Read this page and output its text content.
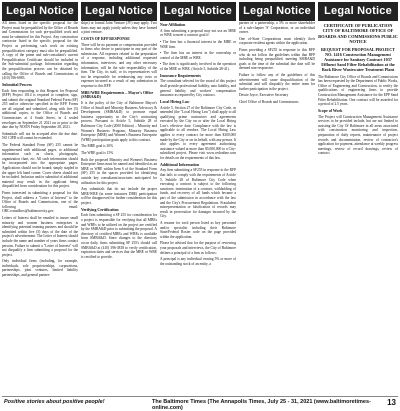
Legal Notice

All items listed in the specific proposal for the Project must be prequalified by the Office of Boards and Commissions for such pre-qualified work and must be submitted for this Project. Any construction contractor listed in the specific proposal for the Project as performing such work an existing prequalification category must also be prequalified. A copy of the prime and sub-consultant's current Prequalification Certificate should be included in the Sub-submittal package. Information regarding the prequalification process can be obtained by calling the Office of Boards and Commissions at (410) 396-6883.

Submittal Process

Each firm responding to this Request for Proposal (RFP) Project 1014 is required to complete, sign, and submit the original Standard Federal Form (SF) 255 and/or otherwise specified in the RFP. Forms are all original and submitted, along with five (5) additional copies, to the Office of Boards and Commissions at 4 South Street, in 4 sealed envelopes on September 21 2021 on or prior to the date due by NOON Friday September 28, 2021.

Submittals will not be accepted after the due date. NO CIPD will cannot be extended.

The Federal Standard Form (SF) 255 cannot be supplemented with additional pages, or additional information such as charts, photographs, organization chart, etc. All such information should be incorporated into the appropriate pages. Applications should not be bound; simply stapled in the upper left hand corner. Cover sheets should not be included. Inclusion and/or submittal of additional material may result in the applicant being disqualified from consideration for this project.

Firms interested in submitting a proposal for this Project, shall address a "Letter of Interest" to the Office of Boards and Commissions, one of the following email: OBC.rcmailbox@baltimorecity.gov.

Letters of Interest shall be emailed to insure small minority and women business enterprises is identifying potential teaming partners and should be submitted within five (5) days of the date of the project's advertisement. The Letter of Interest should include the name and number of years firms contact persons. Failure to submit a "Letter of Interest" will not disqualify a firm submitting a proposal for the project.

Only individual firms (including, for example, individuals, sole proprietorships, corporations, partnerships, joint ventures, limited liability partnerships, and general partner-

Legal Notice

ships) or formal Joint Venture (JV) may apply. Two firms may not apply jointly unless they have formed a joint venture.

COSTS OF RFP RESPONSE

There will be no payment or compensation provided to firms who desire to participate in any part of the submission. All expenses related to the preparation of a response, including additional requested information, interviews, and any other necessary information, will be the sole responsibility of the firm. The City, its staff, or its representatives will not be responsible for reimbursing any costs or expenses incurred as a result of any submission in response to this RFP.

MBE/WBE Requirements – Mayor's Office (SMBA&D)

It is the policy of the City of Baltimore Mayor's Office of Small and Minority Business Advocacy & Development (SMBA&D) to promote equal business opportunity in the City's contracting process. Pursuant to Article 5, Subtitle 28 of Baltimore City Code (2000 Edition) – Minority and Women's Business Program, Minority Business Enterprise (MBE) and Women's Business Enterprise (WBE) participation goals apply to this contract.

The MBE goal is 30%

The WBE goal is 15%

Both the proposed Minority and Women's Business Enterprise firms must be named and identified as an MBE or WBE within Item 6 of the Standard Form (SF) 255 in the spaces provided for identifying outside key consultants/associates anticipated for utilization for this project.

Any submittals that do not include the proper MBE/WBE (in some instances DBE) participation will be disapproved for further consideration for this project.

Verifying Certification

Each firm submitting a SF 255 for consideration for a project is responsible for verifying that all MBEs and WBEs to be utilized on the project are certified by the SMBA&D prior to submitting the proposal. A directory of certified MBEs and WBEs is available from SMBA&D. Since changes to the directory occur daily, firms submitting SF 255's should call SMBA&D at (410) 396-3818 to verify certification, expiration dates and services that the MBE or WBE is certified to provide.

Legal Notice
Non-Affiliation

A firm submitting a proposal may not use an MBE or WBE to meet a contract goal if:

• The firm has a financial interest in the MBE or WBE firm.

• The firm has an interest in the ownership or control of the MBE or WBE.

• The firm is significantly involved in the operation of the MBE or WBE. (Article 5, Subtitle 28-41).

Insurance Requirements

The consultant selected for the award of this project shall provide professional liability, auto liability, and general liability and workers' compensation insurance as required by City contract.

Local Hiring Law

Article 5, Section 27 of the Baltimore City Code, as amended (the "Local Hiring Law") shall apply to all qualifying prime contractors and agreements executed by the City on or after the Local Hiring Law's effective date. Compliance with the law is applicable to all vendors. The Local Hiring Law applies to every contract for more than $300,000 made by the City or on its behalf, with any person. It also applies to every agreement authorizing assistance valued at more than $5,000,000 to a City-subsidized project. Please visit www.cedonline.com for details on the requirements of this law.

Additional Information

Any firm submitting a SF255 in response to the RFP that fails to comply with the requirements of Article 5, Subtitle 28 of Baltimore City Code when executing a contract is subject to the following sanctions: termination of a contract, withholding of funds, and recovery of all funds which became a part of the submission in accordance with the law and the City's Procurement Regulations. Fraudulent misrepresentation or falsification of records may result in prosecution for damages incurred by the City.

A resume for each person listed as key personnel and/or specialist including their Baltimore State/Federal Roster code on the page provided within the application.

Please be advised that for the purpose of reviewing your proposals and interviews, the City of Baltimore defines a principal of a firm as follows:

A principal is any individual owning 5% or more of the outstanding stock of an entity, a

Legal Notice

partner of a partnership, a 5% or more shareholder of a sub-chapter 'S' Corporation, or an individual owner.

One of-State Corporations must identify their corporate resident agents within the application.

Firms providing a SF255 in response to this RFP who do not follow the guidelines within that RFP including being prequalified, meeting SMBA&D goals at the time of the submittal due date will be deemed non-responsive.

Failure to follow any of the guidelines of this advertisement will cause disqualification of the submittal and will disqualify the entire team for further participation in the project.

Dessie Joyce, Executive Secretary

Chief Office of Boards and Commissions

Legal Notice
CERTIFICATE OF PUBLICATION CITY OF BALTIMORE OFFICE OF BOARDS AND COMMISSIONS PUBLIC NOTICE
REQUEST FOR PROPOSAL PROJECT NO. 1416 Construction Management Assistance for Sanitary Contract 1037 Effluent Sand Filter Rehabilitation at the Back River Wastewater Treatment Plant

The Baltimore City Office of Boards and Commissions has been requested by the Department of Public Works, Office of Engineering and Construction, to certify the qualifications of engineering firms to provide Construction Management Assistance for the EPP Sand Filter Rehabilitation. One contract will be awarded for a period of 2.5 years.

Scope of Work

The Project will Construction Management Assistance services to be provided include, but are not limited to assisting the City Of Baltimore in all areas associated with construction monitoring and inspection, preparation of daily reports, maintenance of project records and documentation, review of contractor's application for payment, attendance at weekly progress meetings, review of record drawings, review of contract

Positive stories about positive people!	The Baltimore Times (The Annapolis Times, July 25 - 31, 2021 (www.baltimoretimes-online.com)
13
